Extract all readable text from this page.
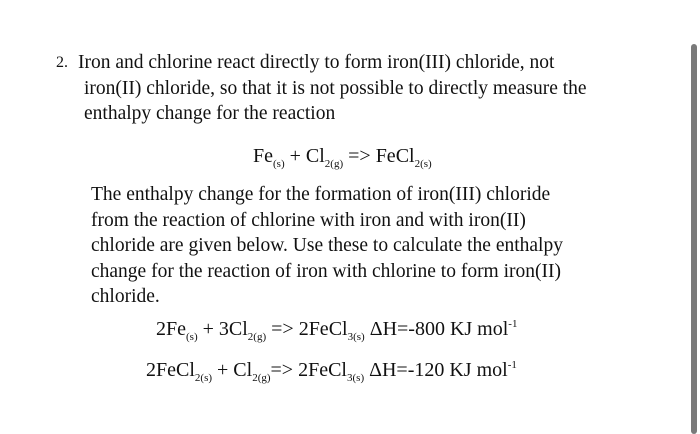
2. Iron and chlorine react directly to form iron(III) chloride, not
iron(II) chloride, so that it is not possible to directly measure the
enthalpy change for the reaction
$Fe_{(s)} + Cl_{2(g)}$ => FeCl$_{2(s)}$
The enthalpy change for the formation of iron(III) chloride
from the reaction of chlorine with iron and with iron(II)
chloride are given below. Use these to calculate the enthalpy
change for the reaction of iron with chlorine to form iron(II)
chloride.
$2Fe_{(s)} + 3Cl_{2(g)}$ => 2FeCl$_{3(s)}$ ΔH=-800 KJ mol$^{-1}$
2FeCl$_{2(s)}$ + $Cl_{2(g)}=>$ 2FeCl$_{3(s)}$ ΔH=-120 KJ mol$^{-1}$
